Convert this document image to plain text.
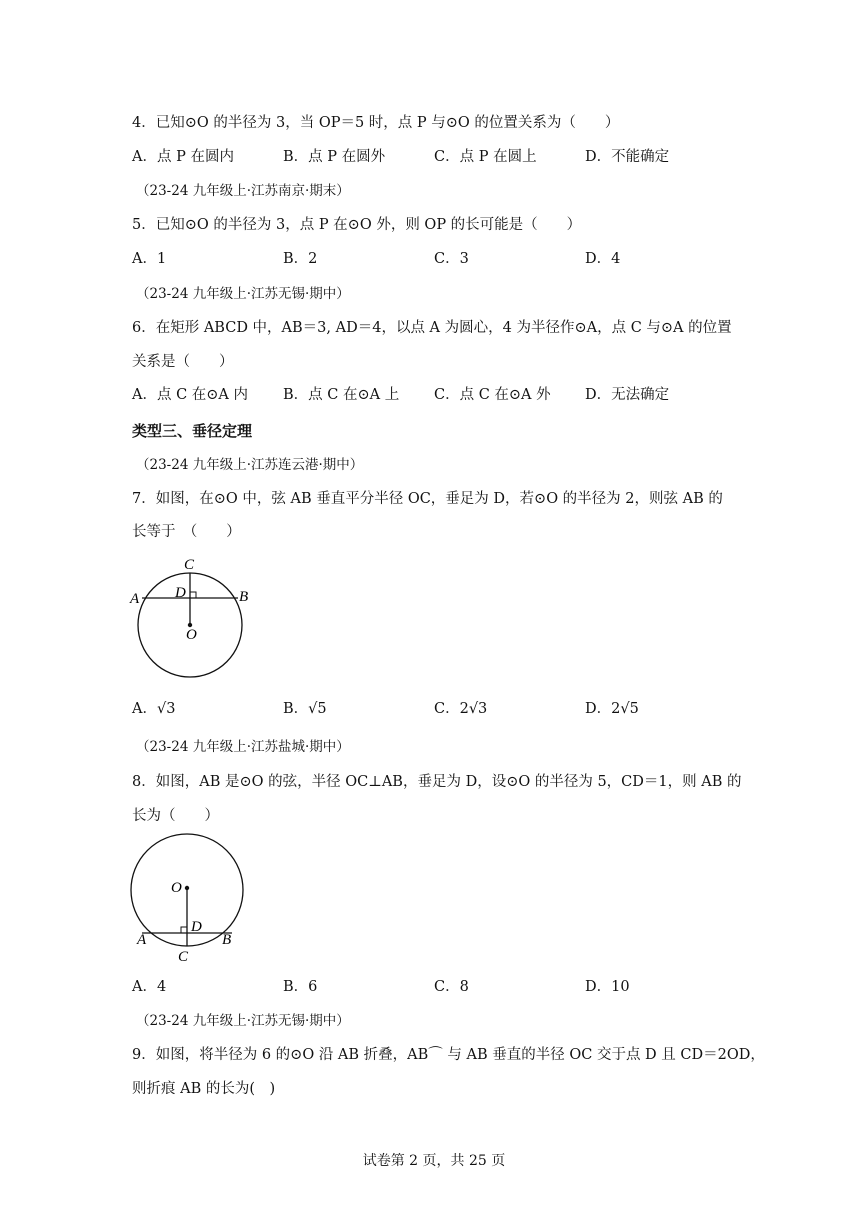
4．已知⊙O 的半径为 3，当 OP＝5 时，点 P 与⊙O 的位置关系为（　　）
A．点 P 在圆内	B．点 P 在圆外	C．点 P 在圆上	D．不能确定
（23-24 九年级上·江苏南京·期末）
5．已知⊙O 的半径为 3，点 P 在⊙O 外，则 OP 的长可能是（　　）
A．1	B．2	C．3	D．4
（23-24 九年级上·江苏无锡·期中）
6．在矩形 ABCD 中，AB＝3, AD＝4，以点 A 为圆心，4 为半径作⊙A，点 C 与⊙A 的位置
关系是（　　）
A．点 C 在⊙A 内 B．点 C 在⊙A 上 C．点 C 在⊙A 外 D．无法确定
类型三、垂径定理
（23-24 九年级上·江苏连云港·期中）
7．如图，在⊙O 中，弦 AB 垂直平分半径 OC，垂足为 D，若⊙O 的半径为 2，则弦 AB 的
长等于　（　　）
C
D
A	B
O
A．√3	B．√5	C．2√3	D．2√5
（23-24 九年级上·江苏盐城·期中）
8．如图，AB 是⊙O 的弦，半径 OC⊥AB，垂足为 D，设⊙O 的半径为 5，CD＝1，则 AB 的
长为（　　）
O
D
A	B
C
A．4	B．6	C．8	D．10
（23-24 九年级上·江苏无锡·期中）
9．如图，将半径为 6 的⊙O 沿 AB 折叠，AB⌒ 与 AB 垂直的半径 OC 交于点 D 且 CD＝2OD，
则折痕 AB 的长为(　)
试卷第 2 页，共 25 页
